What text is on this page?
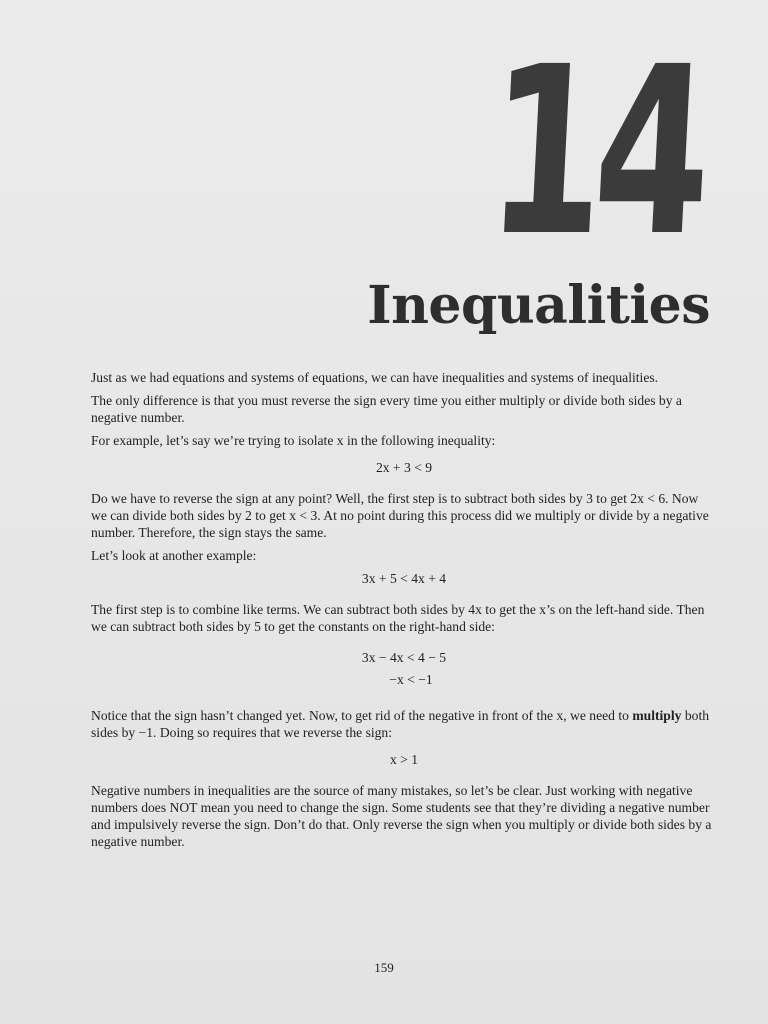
14
Inequalities

Just as we had equations and systems of equations, we can have inequalities and systems of inequalities.

The only difference is that you must reverse the sign every time you either multiply or divide both sides by a negative number.

For example, let’s say we’re trying to isolate x in the following inequality:

2x + 3 < 9

Do we have to reverse the sign at any point? Well, the first step is to subtract both sides by 3 to get 2x < 6. Now we can divide both sides by 2 to get x < 3. At no point during this process did we multiply or divide by a negative number. Therefore, the sign stays the same.

Let’s look at another example:

3x + 5 < 4x + 4

The first step is to combine like terms. We can subtract both sides by 4x to get the x’s on the left-hand side. Then we can subtract both sides by 5 to get the constants on the right-hand side:

3x − 4x < 4 − 5
−x < −1

Notice that the sign hasn’t changed yet. Now, to get rid of the negative in front of the x, we need to multiply both sides by −1. Doing so requires that we reverse the sign:

x > 1

Negative numbers in inequalities are the source of many mistakes, so let’s be clear. Just working with negative numbers does NOT mean you need to change the sign. Some students see that they’re dividing a negative number and impulsively reverse the sign. Don’t do that. Only reverse the sign when you multiply or divide both sides by a negative number.

159
